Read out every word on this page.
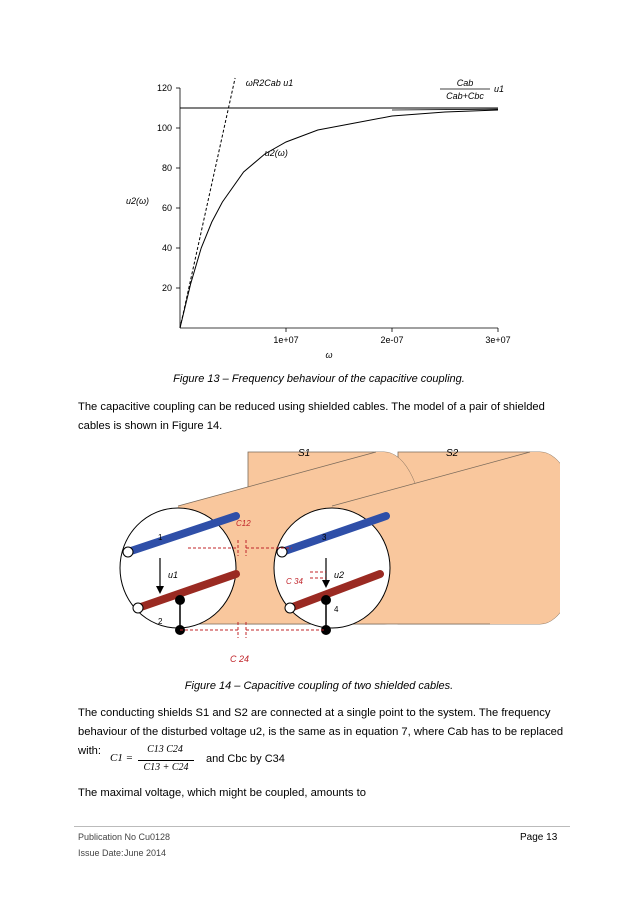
20
40
60
80
100
120
1e+07	2e-07	3e+07
ω
u2(ω)
ωR2Cab u1
u2(ω)
Cab
Cab+Cbc
u1
Figure 13 – Frequency behaviour of the capacitive coupling.
The capacitive coupling can be reduced using shielded cables. The model of a pair of shielded cables is shown in Figure 14.
S1	S2
C12
C 34
C 24
u1	u2
1
2
3
4
Figure 14 – Capacitive coupling of two shielded cables.
The conducting shields S1 and S2 are connected at a single point to the system. The frequency behaviour of the disturbed voltage u2, is the same as in equation 7, where Cab has to be replaced with:
C1 =
C13 C24
C13 + C24
and Cbc by C34
The maximal voltage, which might be coupled, amounts to
Publication No Cu0128	Page 13
Issue Date: June 2014
